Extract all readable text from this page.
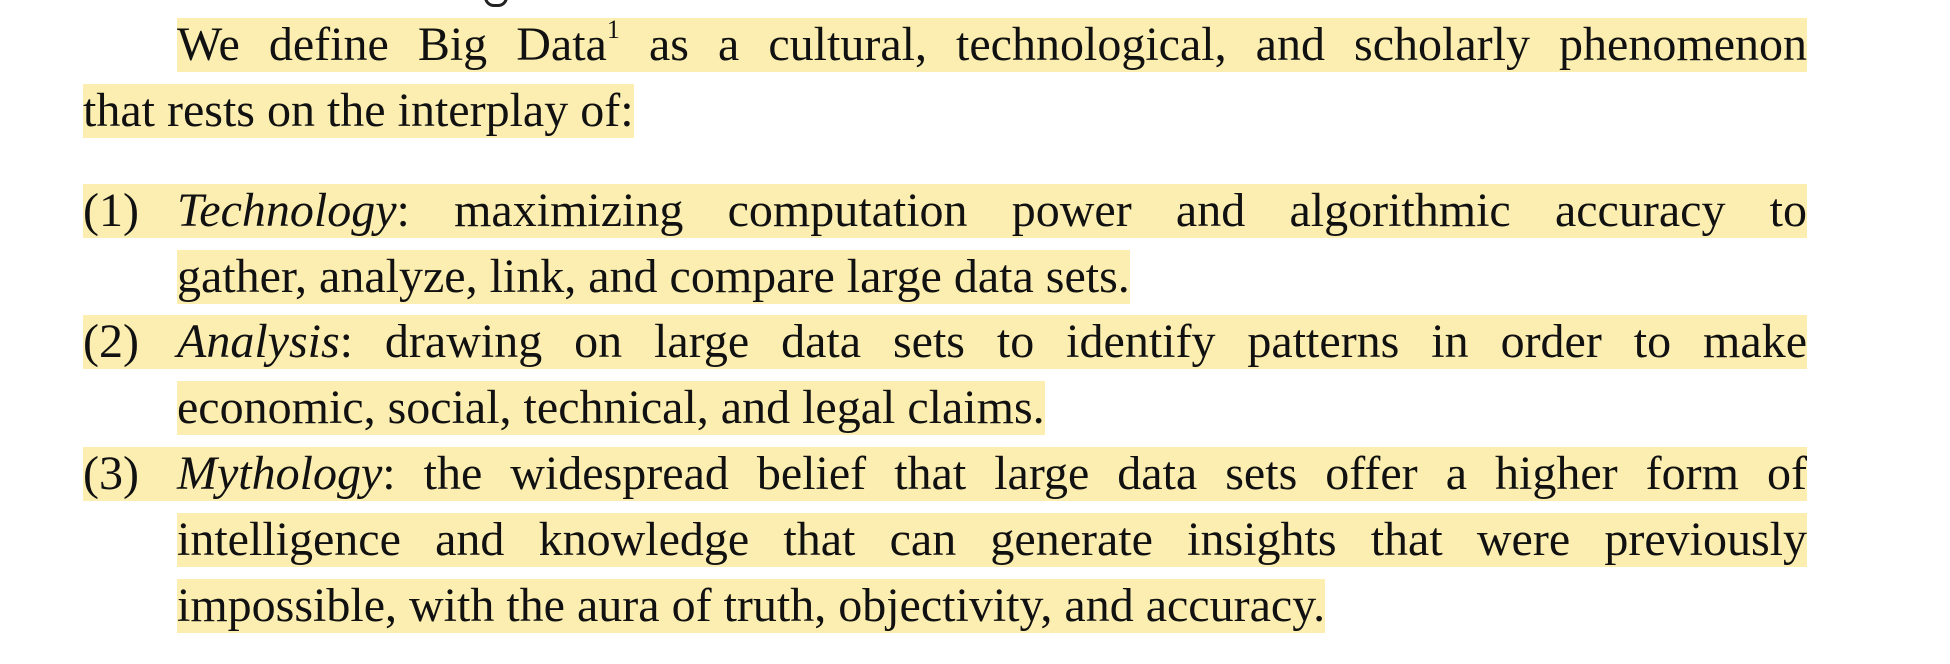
We define Big Data$^1$ as a cultural, technological, and scholarly phenomenon
that rests on the interplay of:
(1) Technology: maximizing computation power and algorithmic accuracy to
gather, analyze, link, and compare large data sets.
(2) Analysis: drawing on large data sets to identify patterns in order to make
economic, social, technical, and legal claims.
(3) Mythology: the widespread belief that large data sets offer a higher form of
intelligence and knowledge that can generate insights that were previously
impossible, with the aura of truth, objectivity, and accuracy.
